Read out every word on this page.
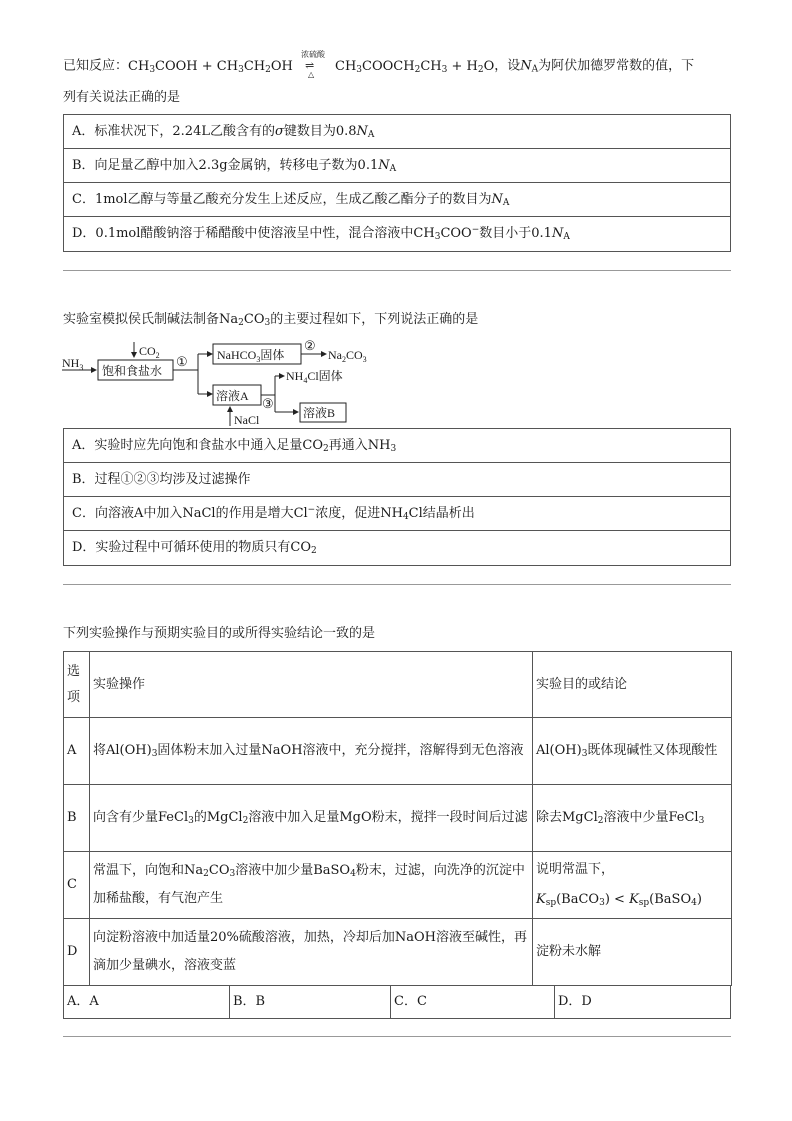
已知反应：$CH_3COOH + CH_3CH_2OH$
浓硫酸
⇌
△
$CH_3COOCH_2CH_3 + H_2O$，设$N_A$为阿伏加德罗常数的值，下
列有关说法正确的是
A．标准状况下，2.24L乙酸含有的σ键数目为$0.8N_A$
B．向足量乙醇中加入2.3g金属钠，转移电子数为$0.1N_A$
C．1mol乙醇与等量乙酸充分发生上述反应，生成乙酸乙酯分子的数目为$N_A$
D．0.1mol醋酸钠溶于稀醋酸中使溶液呈中性，混合溶液中$CH_3COO^-$数目小于$0.1N_A$
实验室模拟侯氏制碱法制备$Na_2CO_3$的主要过程如下，下列说法正确的是
$NH_3$
$CO_2$
饱和食盐水
① NaHCO$_3$固体
②
$Na_2CO_3$
溶液A
$NH_4Cl$固体
③
溶液B
NaCl
A．实验时应先向饱和食盐水中通入足量$CO_2$再通入$NH_3$
B．过程①②③均涉及过滤操作
C．向溶液A中加入NaCl的作用是增大Cl−浓度，促进$NH_4Cl$结晶析出
D．实验过程中可循环使用的物质只有$CO_2$
下列实验操作与预期实验目的或所得实验结论一致的是
选
项	实验操作	实验目的或结论
A	将$Al(OH)_3$固体粉末加入过量NaOH溶液中，充分搅拌，溶解得到无色溶液	$Al(OH)_3$既体现碱性又体现酸性
B	向含有少量FeCl$_3$的MgCl$_2$溶液中加入足量MgO粉末，搅拌一段时间后过滤	除去MgCl$_2$溶液中少量FeCl$_3$
C	常温下，向饱和$Na_2CO_3$溶液中加少量BaSO$_4$粉末，过滤，向洗净的沉淀中加稀盐酸，有气泡产生	说明常温下，
$K_{sp}(BaCO_3)$ < $K_{sp}(BaSO_4)$
D	向淀粉溶液中加适量20%硫酸溶液，加热，冷却后加NaOH溶液至碱性，再滴加少量碘水，溶液变蓝	淀粉未水解
A．A	B．B	C．C	D．D
